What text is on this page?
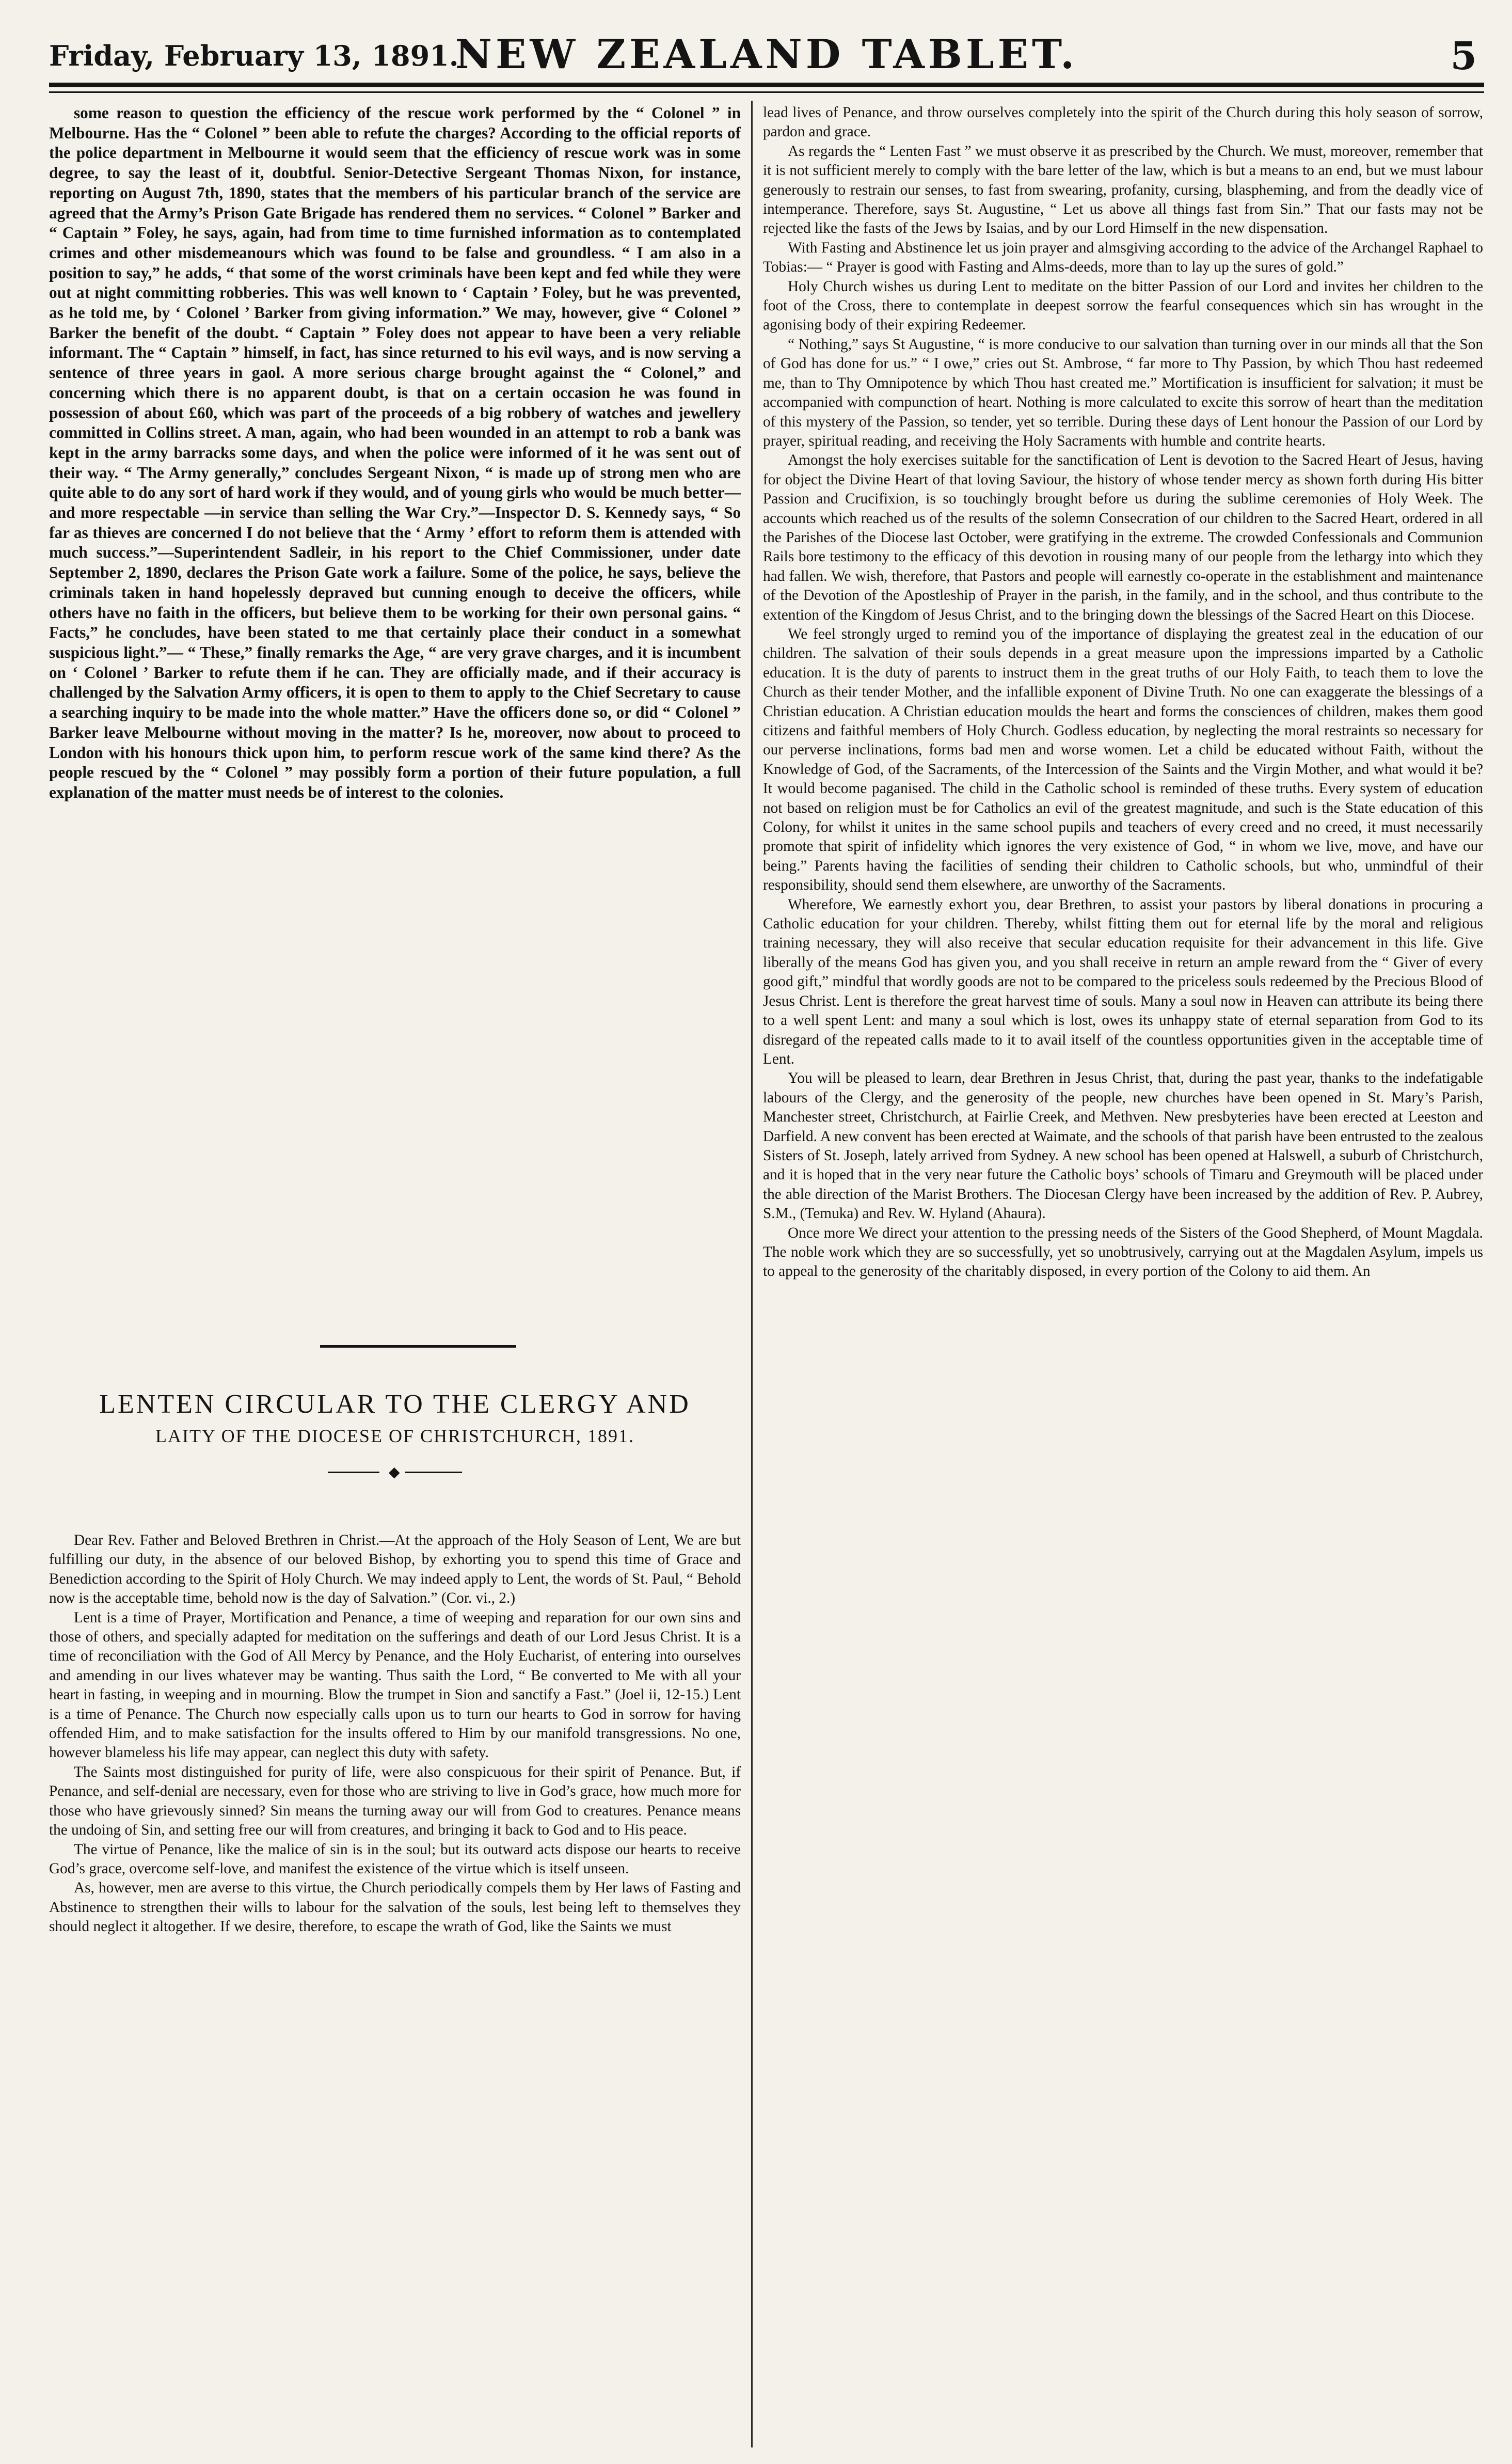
Friday, February 13, 1891.
NEW ZEALAND TABLET.	5

some reason to question the efficiency of the rescue work performed by the “ Colonel ” in Melbourne. Has the “ Colonel ” been able to refute the charges? According to the official reports of the police department in Melbourne it would seem that the efficiency of rescue work was in some degree, to say the least of it, doubtful. Senior-Detective Sergeant Thomas Nixon, for instance, reporting on August 7th, 1890, states that the members of his particular branch of the service are agreed that the Army’s Prison Gate Brigade has rendered them no services. “ Colonel ” Barker and “ Captain ” Foley, he says, again, had from time to time furnished information as to contemplated crimes and other misdemeanours which was found to be false and groundless. “ I am also in a position to say,” he adds, “ that some of the worst criminals have been kept and fed while they were out at night committing robberies. This was well known to ‘ Captain ’ Foley, but he was prevented, as he told me, by ‘ Colonel ’ Barker from giving information.” We may, however, give “ Colonel ” Barker the benefit of the doubt. “ Captain ” Foley does not appear to have been a very reliable informant. The “ Captain ” himself, in fact, has since returned to his evil ways, and is now serving a sentence of three years in gaol. A more serious charge brought against the “ Colonel,” and concerning which there is no apparent doubt, is that on a certain occasion he was found in possession of about £60, which was part of the proceeds of a big robbery of watches and jewellery committed in Collins street. A man, again, who had been wounded in an attempt to rob a bank was kept in the army barracks some days, and when the police were informed of it he was sent out of their way. “ The Army generally,” concludes Sergeant Nixon, “ is made up of strong men who are quite able to do any sort of hard work if they would, and of young girls who would be much better—and more respectable —in service than selling the War Cry.”—Inspector D. S. Kennedy says, “ So far as thieves are concerned I do not believe that the ‘ Army ’ effort to reform them is attended with much success.”—Superintendent Sadleir, in his report to the Chief Commissioner, under date September 2, 1890, declares the Prison Gate work a failure. Some of the police, he says, believe the criminals taken in hand hopelessly depraved but cunning enough to deceive the officers, while others have no faith in the officers, but believe them to be working for their own personal gains. “ Facts,” he concludes, have been stated to me that certainly place their conduct in a somewhat suspicious light.”— “ These,” finally remarks the Age, “ are very grave charges, and it is incumbent on ‘ Colonel ’ Barker to refute them if he can. They are officially made, and if their accuracy is challenged by the Salvation Army officers, it is open to them to apply to the Chief Secretary to cause a searching inquiry to be made into the whole matter.” Have the officers done so, or did “ Colonel ” Barker leave Melbourne without moving in the matter? Is he, moreover, now about to proceed to London with his honours thick upon him, to perform rescue work of the same kind there? As the people rescued by the “ Colonel ” may possibly form a portion of their future population, a full explanation of the matter must needs be of interest to the colonies.

LENTEN CIRCULAR TO THE CLERGY AND
LAITY OF THE DIOCESE OF CHRISTCHURCH, 1891.
◆

Dear Rev. Father and Beloved Brethren in Christ.—At the approach of the Holy Season of Lent, We are but fulfilling our duty, in the absence of our beloved Bishop, by exhorting you to spend this time of Grace and Benediction according to the Spirit of Holy Church. We may indeed apply to Lent, the words of St. Paul, “ Behold now is the acceptable time, behold now is the day of Salvation.” (Cor. vi., 2.)

Lent is a time of Prayer, Mortification and Penance, a time of weeping and reparation for our own sins and those of others, and specially adapted for meditation on the sufferings and death of our Lord Jesus Christ. It is a time of reconciliation with the God of All Mercy by Penance, and the Holy Eucharist, of entering into ourselves and amending in our lives whatever may be wanting. Thus saith the Lord, “ Be converted to Me with all your heart in fasting, in weeping and in mourning. Blow the trumpet in Sion and sanctify a Fast.” (Joel ii, 12-15.) Lent is a time of Penance. The Church now especially calls upon us to turn our hearts to God in sorrow for having offended Him, and to make satisfaction for the insults offered to Him by our manifold transgressions. No one, however blameless his life may appear, can neglect this duty with safety.

The Saints most distinguished for purity of life, were also conspicuous for their spirit of Penance. But, if Penance, and self-denial are necessary, even for those who are striving to live in God’s grace, how much more for those who have grievously sinned? Sin means the turning away our will from God to creatures. Penance means the undoing of Sin, and setting free our will from creatures, and bringing it back to God and to His peace.

The virtue of Penance, like the malice of sin is in the soul; but its outward acts dispose our hearts to receive God’s grace, overcome self-love, and manifest the existence of the virtue which is itself unseen.

As, however, men are averse to this virtue, the Church periodically compels them by Her laws of Fasting and Abstinence to strengthen their wills to labour for the salvation of the souls, lest being left to themselves they should neglect it altogether. If we desire, therefore, to escape the wrath of God, like the Saints we must

lead lives of Penance, and throw ourselves completely into the spirit of the Church during this holy season of sorrow, pardon and grace.

As regards the “ Lenten Fast ” we must observe it as prescribed by the Church. We must, moreover, remember that it is not sufficient merely to comply with the bare letter of the law, which is but a means to an end, but we must labour generously to restrain our senses, to fast from swearing, profanity, cursing, blaspheming, and from the deadly vice of intemperance. Therefore, says St. Augustine, “ Let us above all things fast from Sin.” That our fasts may not be rejected like the fasts of the Jews by Isaias, and by our Lord Himself in the new dispensation.

With Fasting and Abstinence let us join prayer and almsgiving according to the advice of the Archangel Raphael to Tobias:— “ Prayer is good with Fasting and Alms-deeds, more than to lay up the sures of gold.”

Holy Church wishes us during Lent to meditate on the bitter Passion of our Lord and invites her children to the foot of the Cross, there to contemplate in deepest sorrow the fearful consequences which sin has wrought in the agonising body of their expiring Redeemer.

“ Nothing,” says St Augustine, “ is more conducive to our salvation than turning over in our minds all that the Son of God has done for us.” “ I owe,” cries out St. Ambrose, “ far more to Thy Passion, by which Thou hast redeemed me, than to Thy Omnipotence by which Thou hast created me.” Mortification is insufficient for salvation; it must be accompanied with compunction of heart. Nothing is more calculated to excite this sorrow of heart than the meditation of this mystery of the Passion, so tender, yet so terrible. During these days of Lent honour the Passion of our Lord by prayer, spiritual reading, and receiving the Holy Sacraments with humble and contrite hearts.

Amongst the holy exercises suitable for the sanctification of Lent is devotion to the Sacred Heart of Jesus, having for object the Divine Heart of that loving Saviour, the history of whose tender mercy as shown forth during His bitter Passion and Crucifixion, is so touchingly brought before us during the sublime ceremonies of Holy Week. The accounts which reached us of the results of the solemn Consecration of our children to the Sacred Heart, ordered in all the Parishes of the Diocese last October, were gratifying in the extreme. The crowded Confessionals and Communion Rails bore testimony to the efficacy of this devotion in rousing many of our people from the lethargy into which they had fallen. We wish, therefore, that Pastors and people will earnestly co-operate in the establishment and maintenance of the Devotion of the Apostleship of Prayer in the parish, in the family, and in the school, and thus contribute to the extention of the Kingdom of Jesus Christ, and to the bringing down the blessings of the Sacred Heart on this Diocese.

We feel strongly urged to remind you of the importance of displaying the greatest zeal in the education of our children. The salvation of their souls depends in a great measure upon the impressions imparted by a Catholic education. It is the duty of parents to instruct them in the great truths of our Holy Faith, to teach them to love the Church as their tender Mother, and the infallible exponent of Divine Truth. No one can exaggerate the blessings of a Christian education. A Christian education moulds the heart and forms the consciences of children, makes them good citizens and faithful members of Holy Church. Godless education, by neglecting the moral restraints so necessary for our perverse inclinations, forms bad men and worse women. Let a child be educated without Faith, without the Knowledge of God, of the Sacraments, of the Intercession of the Saints and the Virgin Mother, and what would it be? It would become paganised. The child in the Catholic school is reminded of these truths. Every system of education not based on religion must be for Catholics an evil of the greatest magnitude, and such is the State education of this Colony, for whilst it unites in the same school pupils and teachers of every creed and no creed, it must necessarily promote that spirit of infidelity which ignores the very existence of God, “ in whom we live, move, and have our being.” Parents having the facilities of sending their children to Catholic schools, but who, unmindful of their responsibility, should send them elsewhere, are unworthy of the Sacraments.

Wherefore, We earnestly exhort you, dear Brethren, to assist your pastors by liberal donations in procuring a Catholic education for your children. Thereby, whilst fitting them out for eternal life by the moral and religious training necessary, they will also receive that secular education requisite for their advancement in this life. Give liberally of the means God has given you, and you shall receive in return an ample reward from the “ Giver of every good gift,” mindful that wordly goods are not to be compared to the priceless souls redeemed by the Precious Blood of Jesus Christ. Lent is therefore the great harvest time of souls. Many a soul now in Heaven can attribute its being there to a well spent Lent: and many a soul which is lost, owes its unhappy state of eternal separation from God to its disregard of the repeated calls made to it to avail itself of the countless opportunities given in the acceptable time of Lent.

You will be pleased to learn, dear Brethren in Jesus Christ, that, during the past year, thanks to the indefatigable labours of the Clergy, and the generosity of the people, new churches have been opened in St. Mary’s Parish, Manchester street, Christchurch, at Fairlie Creek, and Methven. New presbyteries have been erected at Leeston and Darfield. A new convent has been erected at Waimate, and the schools of that parish have been entrusted to the zealous Sisters of St. Joseph, lately arrived from Sydney. A new school has been opened at Halswell, a suburb of Christchurch, and it is hoped that in the very near future the Catholic boys’ schools of Timaru and Greymouth will be placed under the able direction of the Marist Brothers. The Diocesan Clergy have been increased by the addition of Rev. P. Aubrey, S.M., (Temuka) and Rev. W. Hyland (Ahaura).

Once more We direct your attention to the pressing needs of the Sisters of the Good Shepherd, of Mount Magdala. The noble work which they are so successfully, yet so unobtrusively, carrying out at the Magdalen Asylum, impels us to appeal to the generosity of the charitably disposed, in every portion of the Colony to aid them. An
